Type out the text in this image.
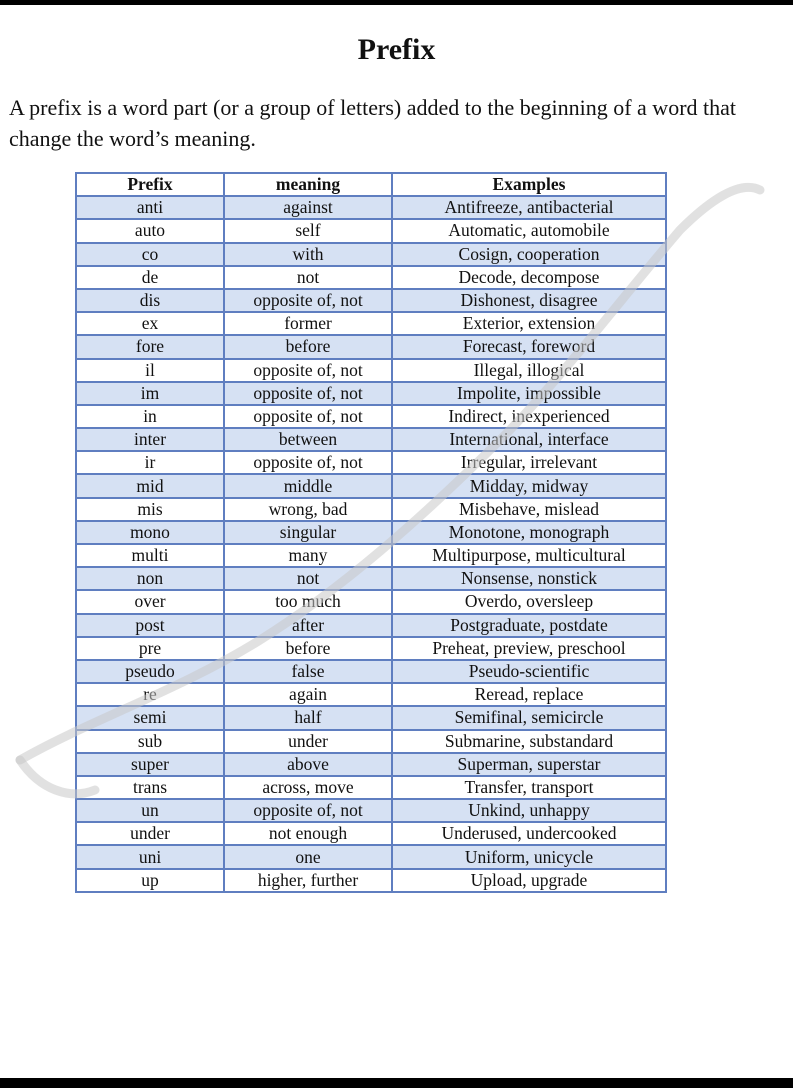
Prefix

A prefix is a word part (or a group of letters) added to the beginning of a word that change the word’s meaning.

Prefix	meaning	Examples
anti	against	Antifreeze, antibacterial
auto	self	Automatic, automobile
co	with	Cosign, cooperation
de	not	Decode, decompose
dis	opposite of, not	Dishonest, disagree
ex	former	Exterior, extension
fore	before	Forecast, foreword
il	opposite of, not	Illegal, illogical
im	opposite of, not	Impolite, impossible
in	opposite of, not	Indirect, inexperienced
inter	between	International, interface
ir	opposite of, not	Irregular, irrelevant
mid	middle	Midday, midway
mis	wrong, bad	Misbehave, mislead
mono	singular	Monotone, monograph
multi	many	Multipurpose, multicultural
non	not	Nonsense, nonstick
over	too much	Overdo, oversleep
post	after	Postgraduate, postdate
pre	before	Preheat, preview, preschool
pseudo	false	Pseudo-scientific
re	again	Reread, replace
semi	half	Semifinal, semicircle
sub	under	Submarine, substandard
super	above	Superman, superstar
trans	across, move	Transfer, transport
un	opposite of, not	Unkind, unhappy
under	not enough	Underused, undercooked
uni	one	Uniform, unicycle
up	higher, further	Upload, upgrade
